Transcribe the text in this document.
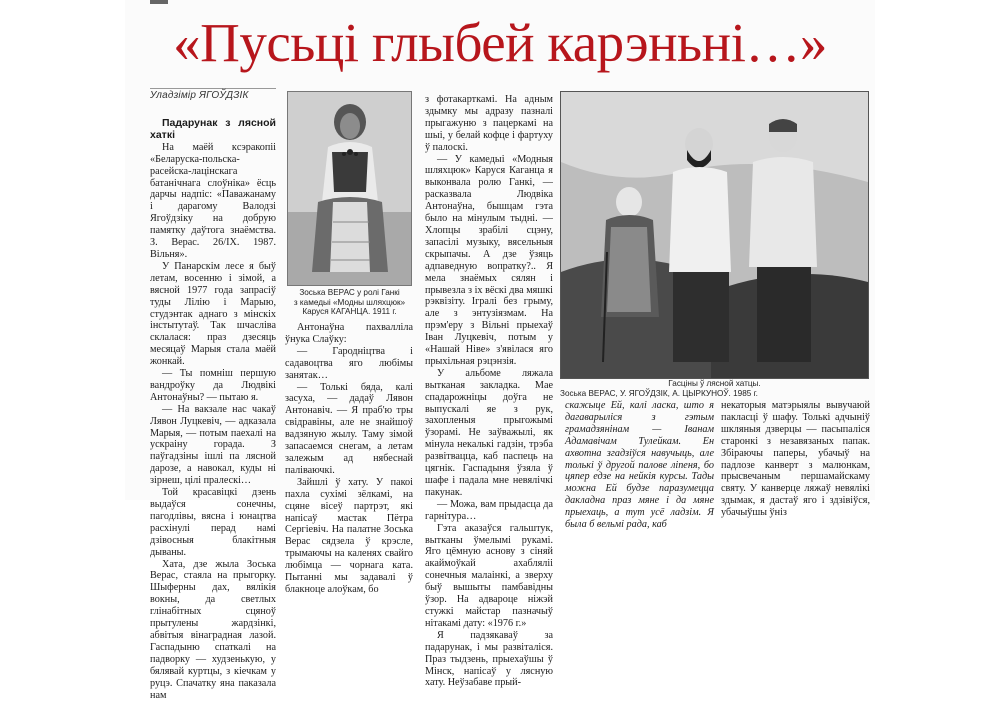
«Пусьці глыбей карэньні…»
Уладзімір ЯГОЎДЗІК

Падарунак з лясной хаткі

На маёй кcэракопіі «Беларуска-польска-расейска-лацінскага батанічнага слоўніка» ёсць дарчы надпіс: «Паважанаму і дарагому Валодзі Ягоўдзіку на добрую памятку даўтога знаёмства. З. Верас. 26/IX. 1987. Вільня».

У Панарскім лесе я быў летам, восенню і зімой, а вясной 1977 года запрасіў туды Лілію і Марыю, студэнтак аднаго з мінскіх інстытутаў. Так шчасліва склалася: праз дзесяць месяцаў Марыя стала маёй жонкай.

— Ты помніш першую вандроўку да Людвікі Антонаўны? — пытаю я.

— На вакзале нас чакаў Лявон Луцкевіч, — адказала Марыя, — потым паехалі на ускраіну горада. З паўгадзіны ішлі па лясной дарозе, а навокал, куды ні зірнеш, цілі пралескі…

Той красавіцкі дзень выдаўся сонечны, пагодлівы, вясна і юнацтва расхінулі перад намі дзівосныя блакітныя дываны.

Хата, дзе жыла Зоська Верас, стаяла на прыгорку. Шыферны дах, вялікія вокны, да светлых глінабітных сцяноў прытулены жардзінкі, абвітыя вінаградная лазой. Гаспадыню спаткалі на падворку — худзенькую, у бялявай куртцы, з кіечкам у руцэ. Спачатку яна паказала нам

Зоська ВЕРАС у ролі Ганкі
з камедыі «Модны шляхцюк»
Каруся КАГАНЦА. 1911 г.

Антонаўна пахвалліла ўнука Слаўку:

— Гародніцтва і садавоцтва яго любімы занятак…

— Толькі бяда, калі засуха, — дадаў Лявон Антонавіч. — Я праб'ю тры свідравіны, але не знайшоў вадзяную жылу. Таму зімой запасаемся снегам, а летам залежым ад нябеснай паліваючкі.

Зайшлі ў хату. У пакоі пахла сухімі зёлкамі, на сцяне вісеў партрэт, які напісаў мастак Пётра Сергіевіч. На палатне Зоська Верас сядзела ў крэсле, трымаючы на каленях свайго любімца — чорнага ката. Пытанні мы задавалі ў блакноце алоўкам, бо

з фотакарткамі. На адным здымку мы адразу пазналі прыгажуню з пацеркамі на шыі, у белай кофце і фартуху ў палоскі.

— У камедыі «Модныя шляхцюк» Каруся Каганца я выконвала ролю Ганкі, — расказвала Людвіка Антонаўна, бышцам гэта было на мінулым тыдні. — Хлопцы зрабілі сцэну, запасілі музыку, вясельныя скрыпачы. А дзе ўзяць адпаведную вопратку?.. Я мела знаёмых сялян і прывезла з іх вёскі два мяшкі рэквізіту. Ігралі без грыму, але з энтузіязмам. На прэм'еру з Вільні прыехаў Іван Луцкевіч, потым у «Нашай Ніве» з'явілася яго прыхільная рэцэнзія.

У альбоме ляжала вытканая закладка. Мае спадарожніцы доўга не выпускалі яе з рук, захопленыя прыгожымі ўзорамі. Не заўважылі, як мінула некалькі гадзін, трэба развітвацца, каб паспець на цягнік. Гаспадыня ўзяла ў шафе і падала мне невялічкі пакунак.

— Можа, вам прыдасца да гарнітура…

Гэта аказаўся гальштук, вытканы ўмелымі рукамі. Яго цёмную аснову з сіняй акаймоўкай ахабляліі сонечныя малаінкі, а зверху быў вышыты памбавідны ўзор. На адвароце ніжэй стужкі майстар пазначыў нітакамі дату: «1976 г.»

Я падзякаваў за падарунак, і мы развіталіся. Праз тыдзень, прыехаўшы ў Мінск, напісаў у лясную хату. Неўзабаве прый-

Гасціны ў лясной хатцы.
Зоська ВЕРАС, У. ЯГОЎДЗІК, А. ЦЫРКУНОЎ. 1985 г.

скажыце Ей, калі ласка, што я дагаварыліся з гэтым грамадзянінам — Іванам Адамавічам Тулейкам. Ен ахвотна згадзіўся навучыць, але толькі ў другой палове ліпеня, бо цяпер едзе на нейкія курсы. Тады можна Ей будзе паразумецца дакладна праз мяне і да мяне прыехаць, а тут усё ладзім. Я была б вельмі рада, каб

некаторыя матэрыялы вывучаюй пакласці ў шафу. Толькі адчыніў шкляныя дзверцы — пасыпаліся старонкі з незавязаных папак. Збіраючы паперы, убачыў на падлозе канверт з малюнкам, прысвечаным першамайскаму святу. У канверце ляжаў невялікі здымак, я дастаў яго і здзівіўся, убачыўшы ўніз
